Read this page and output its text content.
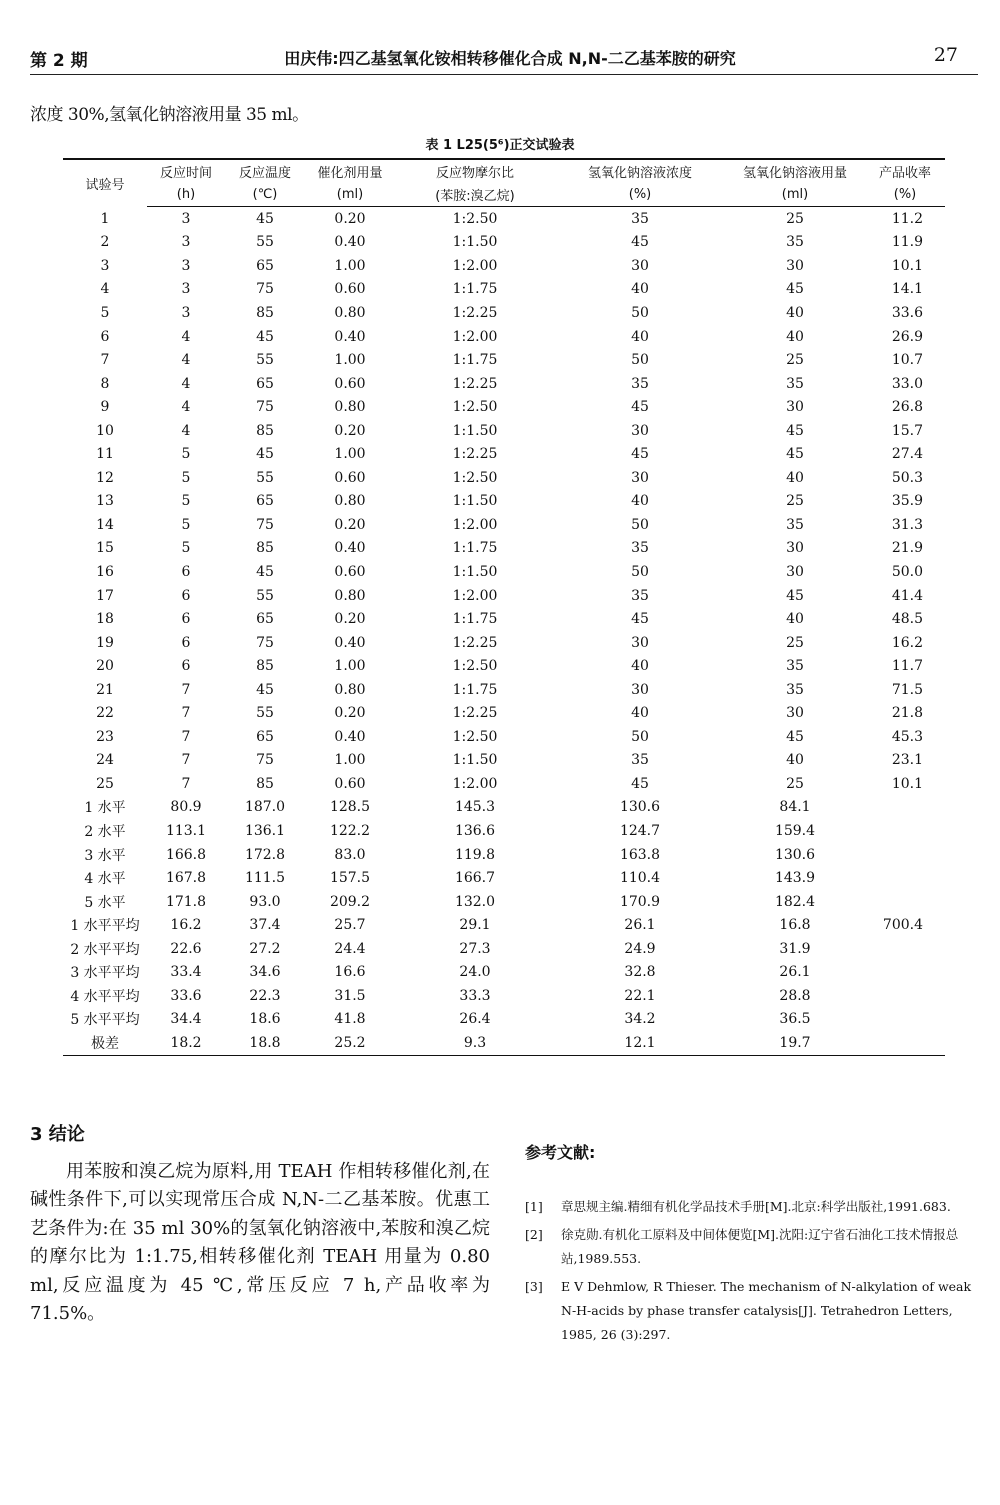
第 2 期	田庆伟:四乙基氢氧化铵相转移催化合成 N,N-二乙基苯胺的研究	27
浓度 30%,氢氧化钠溶液用量 35 ml。
表 1 L25(5⁶)正交试验表
试验号	反应时间	反应温度	催化剂用量	反应物摩尔比	氢氧化钠溶液浓度	氢氧化钠溶液用量	产品收率
	(h)	(℃)	(ml)	(苯胺:溴乙烷)	(%)	(ml)	(%)
1	3	45	0.20	1:2.50	35	25	11.2
2	3	55	0.40	1:1.50	45	35	11.9
3	3	65	1.00	1:2.00	30	30	10.1
4	3	75	0.60	1:1.75	40	45	14.1
5	3	85	0.80	1:2.25	50	40	33.6
6	4	45	0.40	1:2.00	40	40	26.9
7	4	55	1.00	1:1.75	50	25	10.7
8	4	65	0.60	1:2.25	35	35	33.0
9	4	75	0.80	1:2.50	45	30	26.8
10	4	85	0.20	1:1.50	30	45	15.7
11	5	45	1.00	1:2.25	45	45	27.4
12	5	55	0.60	1:2.50	30	40	50.3
13	5	65	0.80	1:1.50	40	25	35.9
14	5	75	0.20	1:2.00	50	35	31.3
15	5	85	0.40	1:1.75	35	30	21.9
16	6	45	0.60	1:1.50	50	30	50.0
17	6	55	0.80	1:2.00	35	45	41.4
18	6	65	0.20	1:1.75	45	40	48.5
19	6	75	0.40	1:2.25	30	25	16.2
20	6	85	1.00	1:2.50	40	35	11.7
21	7	45	0.80	1:1.75	30	35	71.5
22	7	55	0.20	1:2.25	40	30	21.8
23	7	65	0.40	1:2.50	50	45	45.3
24	7	75	1.00	1:1.50	35	40	23.1
25	7	85	0.60	1:2.00	45	25	10.1
1 水平	80.9	187.0	128.5	145.3	130.6	84.1	
2 水平	113.1	136.1	122.2	136.6	124.7	159.4	
3 水平	166.8	172.8	83.0	119.8	163.8	130.6	
4 水平	167.8	111.5	157.5	166.7	110.4	143.9	
5 水平	171.8	93.0	209.2	132.0	170.9	182.4	
1 水平平均	16.2	37.4	25.7	29.1	26.1	16.8	700.4
2 水平平均	22.6	27.2	24.4	27.3	24.9	31.9	
3 水平平均	33.4	34.6	16.6	24.0	32.8	26.1	
4 水平平均	33.6	22.3	31.5	33.3	22.1	28.8	
5 水平平均	34.4	18.6	41.8	26.4	34.2	36.5	
极差	18.2	18.8	25.2	9.3	12.1	19.7	
3 结论

用苯胺和溴乙烷为原料,用 TEAH 作相转移催化剂,在碱性条件下,可以实现常压合成 N,N-二乙基苯胺。优惠工艺条件为:在 35 ml 30%的氢氧化钠溶液中,苯胺和溴乙烷的摩尔比为 1:1.75,相转移催化剂 TEAH 用量为 0.80 ml,反应温度为 45 ℃,常压反应 7 h,产品收率为 71.5%。

参考文献:
[1] 章思规主编.精细有机化学品技术手册[M].北京:科学出版社,1991.683.
[2] 徐克勋.有机化工原料及中间体便览[M].沈阳:辽宁省石油化工技术情报总站,1989.553.
[3] E V Dehmlow, R Thieser. The mechanism of N-alkylation of weak N-H-acids by phase transfer catalysis[J]. Tetrahedron Letters, 1985, 26 (3):297.
